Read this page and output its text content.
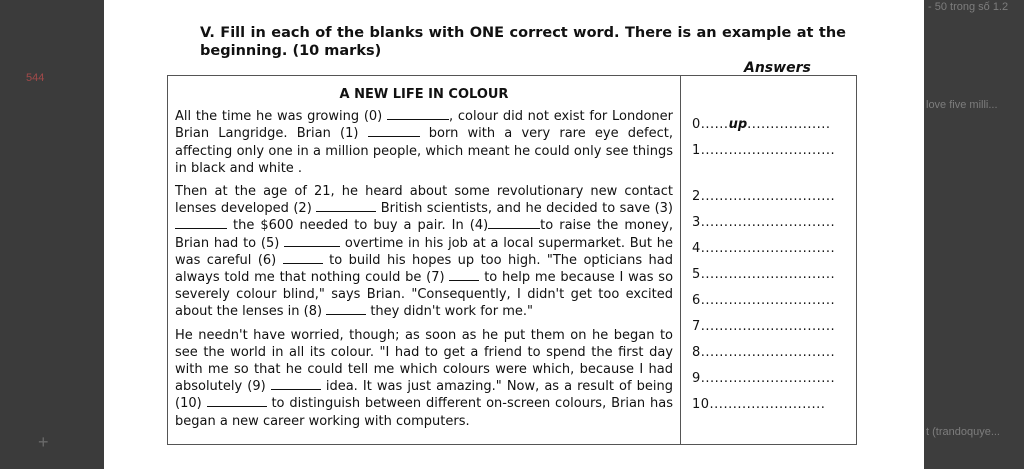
544
- 50 trong số 1.2
love five milli...
t (trandoquye...
+
V. Fill in each of the blanks with ONE correct word. There is an example at the beginning. (10 marks)
Answers
A NEW LIFE IN COLOUR
All the time he was growing (0)	, colour did not exist for Londoner Brian Langridge. Brian (1)	born with a very rare eye defect, affecting only one in a million people, which meant he could only see things in black and white .
Then at the age of 21, he heard about some revolutionary new contact lenses developed (2)	British scientists, and he decided to save (3) the $600 needed to buy a pair. In (4)	to raise the money, Brian had to (5)	overtime in his job at a local supermarket. But he was careful (6)	to build his hopes up too high. "The opticians had always told me that nothing could be (7)	to help me because I was so severely colour blind," says Brian. "Consequently, I didn't get too excited about the lenses in (8)	they didn't work for me."
He needn't have worried, though; as soon as he put them on he began to see the world in all its colour. "I had to get a friend to spend the first day with me so that he could tell me which colours were which, because I had absolutely (9)	idea. It was just amazing." Now, as a result of being (10)	to distinguish between different on-screen colours, Brian has began a new career working with computers.
0......up..................
1.............................
2.............................
3.............................
4.............................
5.............................
6.............................
7.............................
8.............................
9.............................
10.........................
